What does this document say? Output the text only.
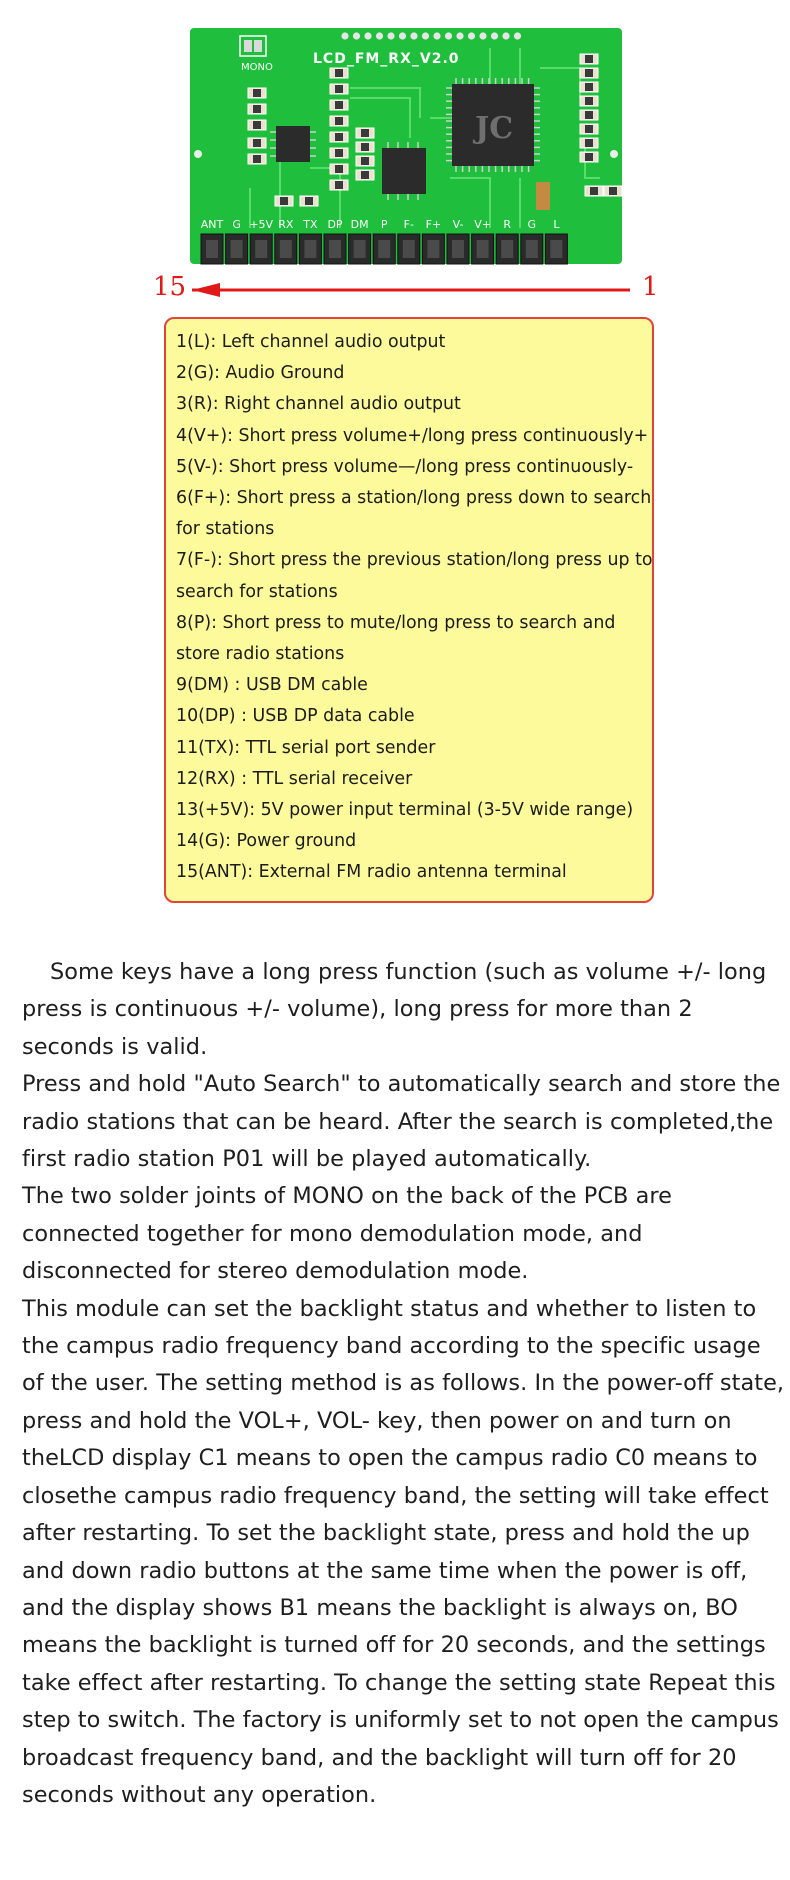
LCD_FM_RX_V2.0
MONO
JC
ANT G +5V RX TX DP DM P F- F+ V- V+ R G L
15	1
1(L): Left channel audio output
2(G): Audio Ground
3(R): Right channel audio output
4(V+): Short press volume+/long press continuously+
5(V-): Short press volume—/long press continuously-
6(F+): Short press a station/long press down to search
for stations
7(F-): Short press the previous station/long press up to
search for stations
8(P): Short press to mute/long press to search and
store radio stations
9(DM) : USB DM cable
10(DP) : USB DP data cable
11(TX): TTL serial port sender
12(RX) : TTL serial receiver
13(+5V): 5V power input terminal (3-5V wide range)
14(G): Power ground
15(ANT): External FM radio antenna terminal

Some keys have a long press function (such as volume +/- long press is continuous +/- volume), long press for more than 2 seconds is valid.

Press and hold "Auto Search" to automatically search and store the radio stations that can be heard. After the search is completed,the first radio station P01 will be played automatically.

The two solder joints of MONO on the back of the PCB are connected together for mono demodulation mode, and disconnected for stereo demodulation mode.

This module can set the backlight status and whether to listen to the campus radio frequency band according to the specific usage of the user. The setting method is as follows. In the power-off state, press and hold the VOL+, VOL- key, then power on and turn on theLCD display C1 means to open the campus radio C0 means to closethe campus radio frequency band, the setting will take effect after restarting. To set the backlight state, press and hold the up and down radio buttons at the same time when the power is off, and the display shows B1 means the backlight is always on, BO means the backlight is turned off for 20 seconds, and the settings take effect after restarting. To change the setting state Repeat this step to switch. The factory is uniformly set to not open the campus broadcast frequency band, and the backlight will turn off for 20 seconds without any operation.
